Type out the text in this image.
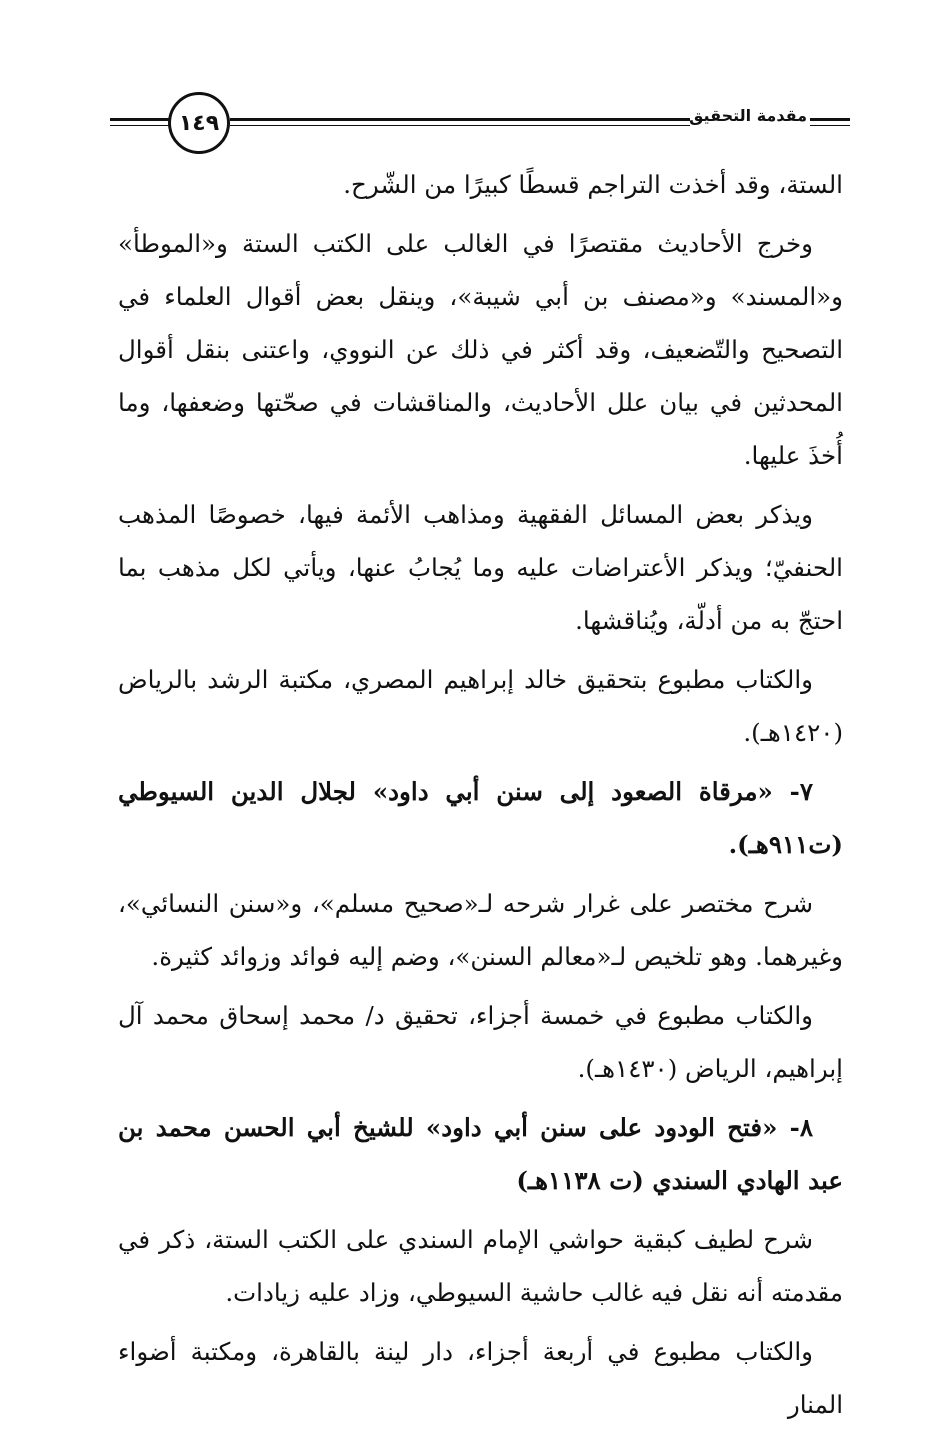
١٤٩	مقدمة التحقيق

الستة، وقد أخذت التراجم قسطًا كبيرًا من الشّرح.

وخرج الأحاديث مقتصرًا في الغالب على الكتب الستة و«الموطأ» و«المسند» و«مصنف بن أبي شيبة»، وينقل بعض أقوال العلماء في التصحيح والتّضعيف، وقد أكثر في ذلك عن النووي، واعتنى بنقل أقوال المحدثين في بيان علل الأحاديث، والمناقشات في صحّتها وضعفها، وما أُخذَ عليها.

ويذكر بعض المسائل الفقهية ومذاهب الأئمة فيها، خصوصًا المذهب الحنفيّ؛ ويذكر الأعتراضات عليه وما يُجابُ عنها، ويأتي لكل مذهب بما احتجّ به من أدلّة، ويُناقشها.

والكتاب مطبوع بتحقيق خالد إبراهيم المصري، مكتبة الرشد بالرياض (١٤٢٠هـ).

٧- «مرقاة الصعود إلى سنن أبي داود» لجلال الدين السيوطي (ت٩١١هـ).

شرح مختصر على غرار شرحه لـ«صحيح مسلم»، و«سنن النسائي»، وغيرهما. وهو تلخيص لـ«معالم السنن»، وضم إليه فوائد وزوائد كثيرة.

والكتاب مطبوع في خمسة أجزاء، تحقيق د/ محمد إسحاق محمد آل إبراهيم، الرياض (١٤٣٠هـ).

٨- «فتح الودود على سنن أبي داود» للشيخ أبي الحسن محمد بن عبد الهادي السندي (ت ١١٣٨هـ)

شرح لطيف كبقية حواشي الإمام السندي على الكتب الستة، ذكر في مقدمته أنه نقل فيه غالب حاشية السيوطي، وزاد عليه زيادات.

والكتاب مطبوع في أربعة أجزاء، دار لينة بالقاهرة، ومكتبة أضواء المنار
